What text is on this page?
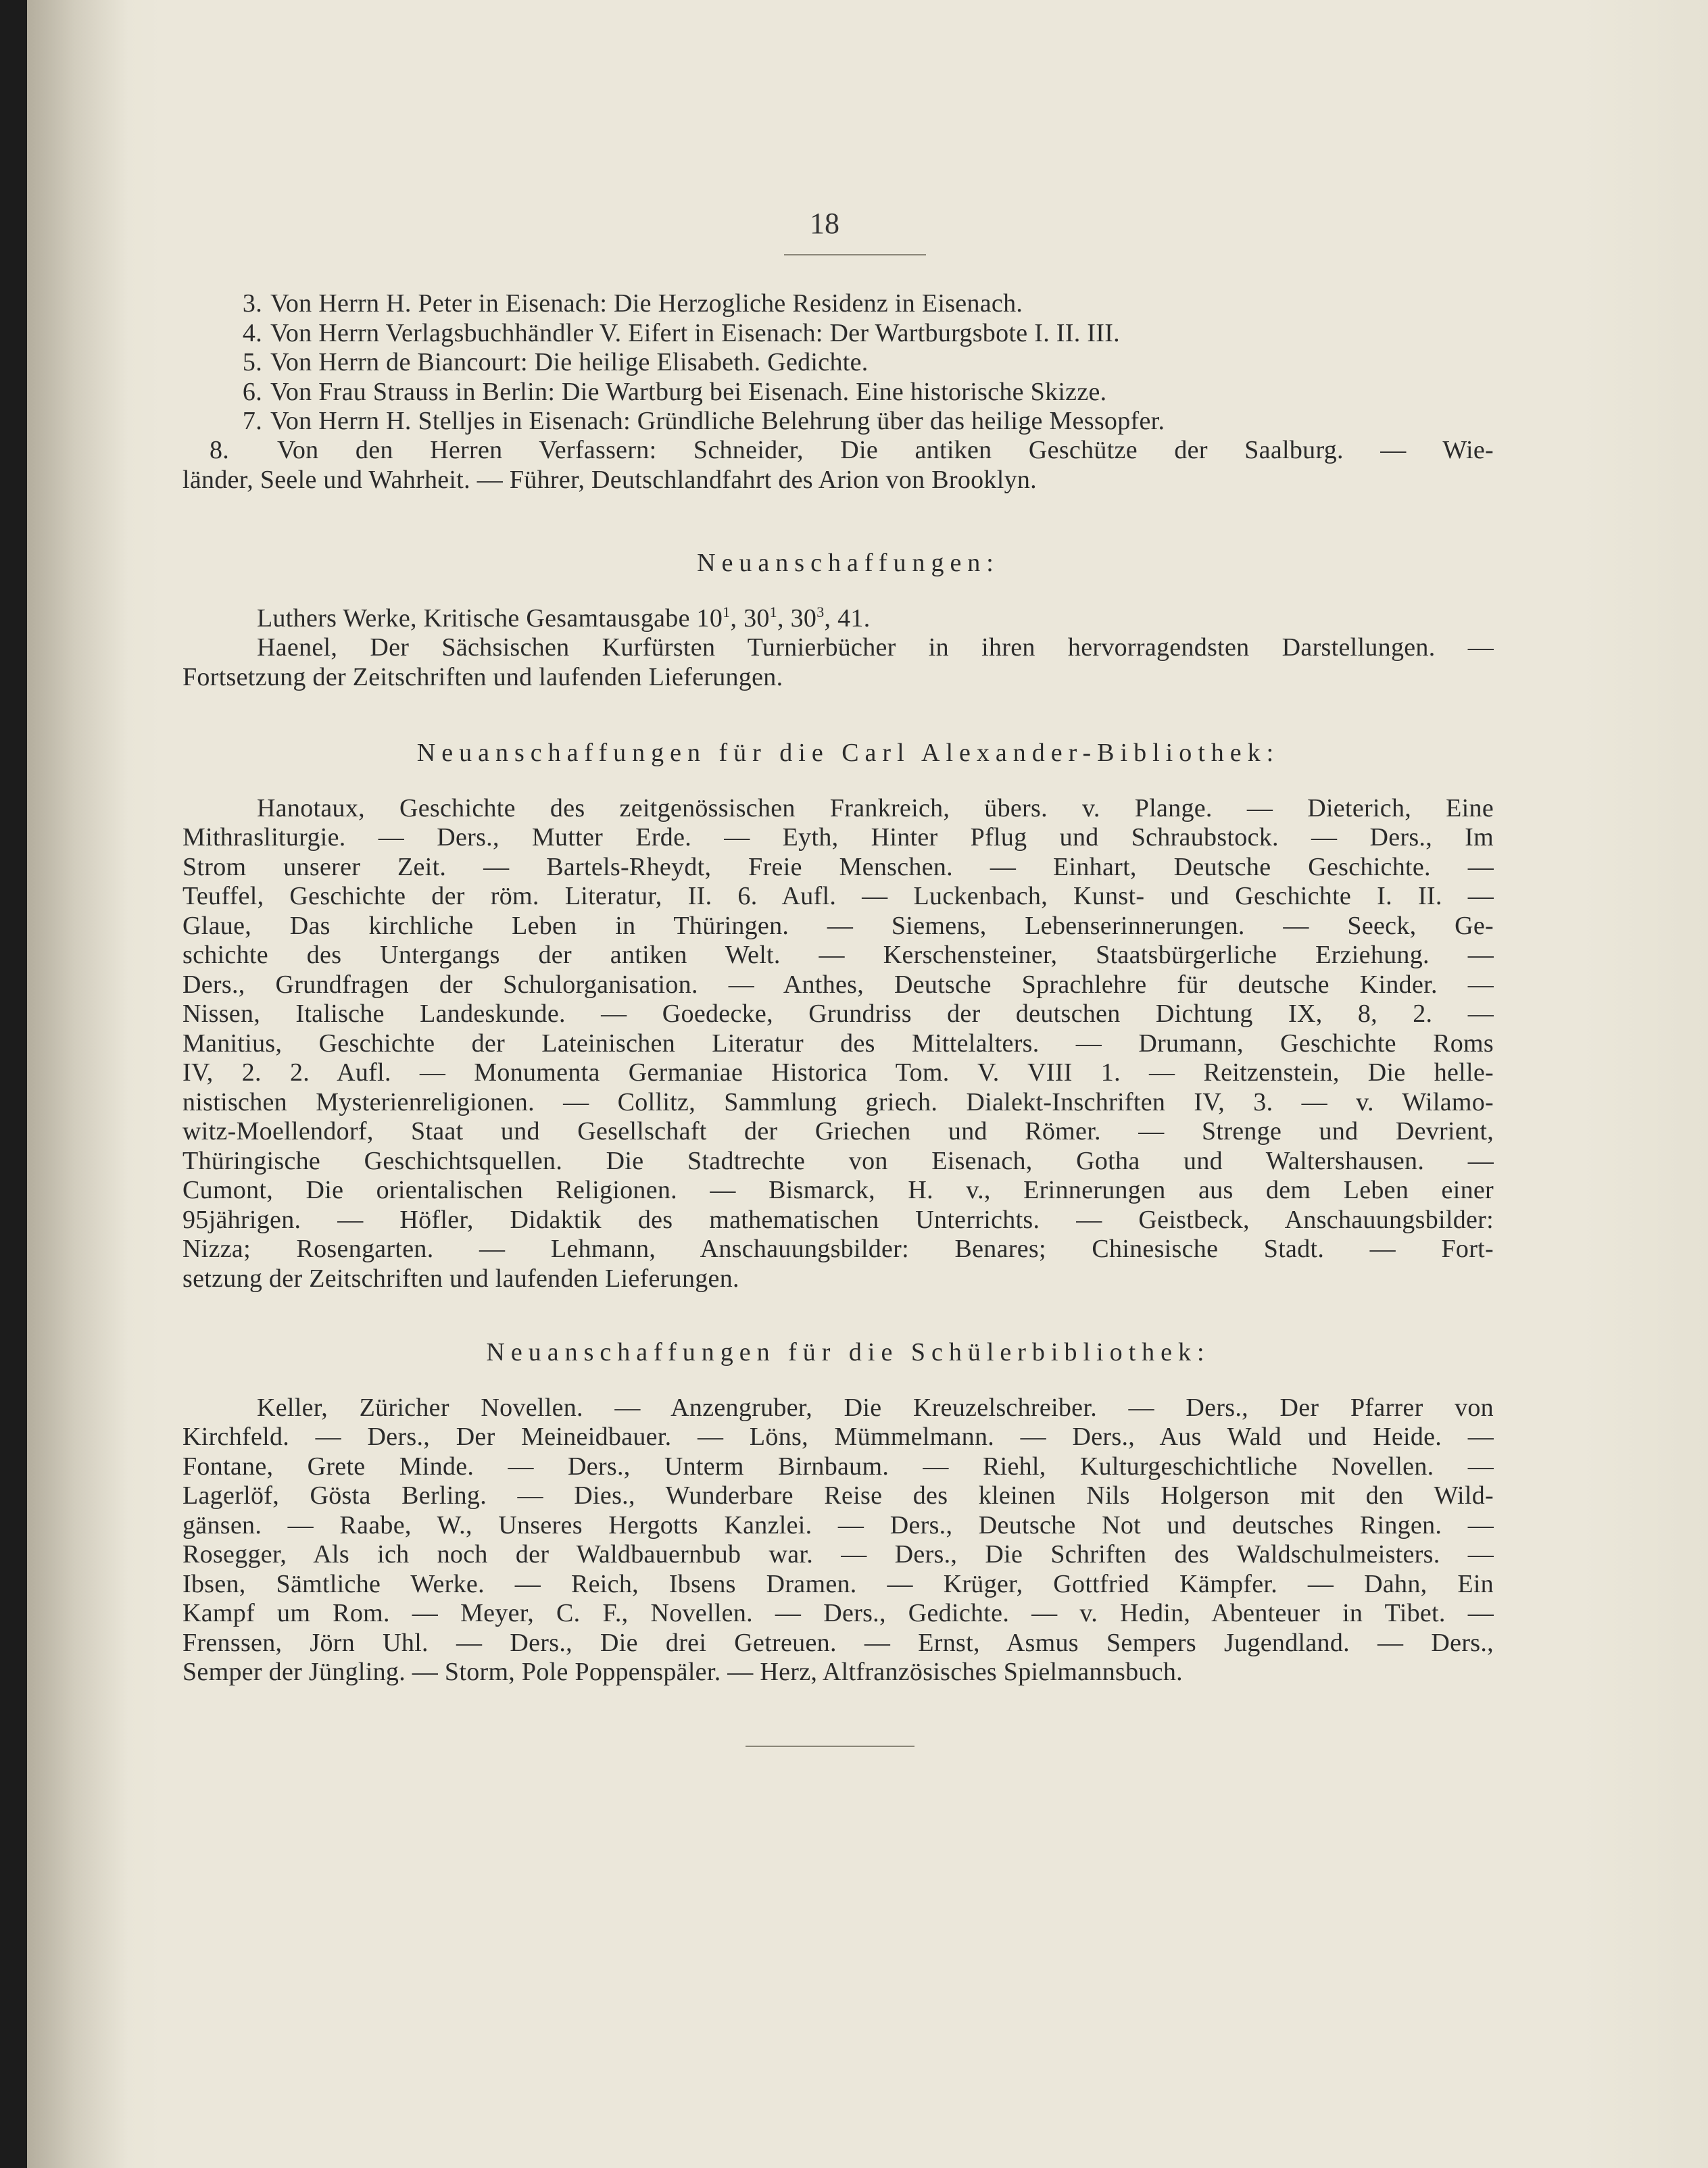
18
3. Von Herrn H. Peter in Eisenach: Die Herzogliche Residenz in Eisenach.
4. Von Herrn Verlagsbuchhändler V. Eifert in Eisenach: Der Wartburgsbote I. II. III.
5. Von Herrn de Biancourt: Die heilige Elisabeth. Gedichte.
6. Von Frau Strauss in Berlin: Die Wartburg bei Eisenach. Eine historische Skizze.
7. Von Herrn H. Stelljes in Eisenach: Gründliche Belehrung über das heilige Messopfer.
8. Von den Herren Verfassern: Schneider, Die antiken Geschütze der Saalburg. — Wie-
länder, Seele und Wahrheit. — Führer, Deutschlandfahrt des Arion von Brooklyn.

Neuanschaffungen:

Luthers Werke, Kritische Gesamtausgabe $10^1$, $30^1$, $30^3$, 41.
Haenel, Der Sächsischen Kurfürsten Turnierbücher in ihren hervorragendsten Darstellungen. —
Fortsetzung der Zeitschriften und laufenden Lieferungen.

Neuanschaffungen für die Carl Alexander-Bibliothek:

Hanotaux, Geschichte des zeitgenössischen Frankreich, übers. v. Plange. — Dieterich, Eine
Mithrasliturgie. — Ders., Mutter Erde. — Eyth, Hinter Pflug und Schraubstock. — Ders., Im
Strom unserer Zeit. — Bartels-Rheydt, Freie Menschen. — Einhart, Deutsche Geschichte. —
Teuffel, Geschichte der röm. Literatur, II. 6. Aufl. — Luckenbach, Kunst- und Geschichte I. II. —
Glaue, Das kirchliche Leben in Thüringen. — Siemens, Lebenserinnerungen. — Seeck, Ge-
schichte des Untergangs der antiken Welt. — Kerschensteiner, Staatsbürgerliche Erziehung. —
Ders., Grundfragen der Schulorganisation. — Anthes, Deutsche Sprachlehre für deutsche Kinder. —
Nissen, Italische Landeskunde. — Goedecke, Grundriss der deutschen Dichtung IX, 8, 2. —
Manitius, Geschichte der Lateinischen Literatur des Mittelalters. — Drumann, Geschichte Roms
IV, 2. 2. Aufl. — Monumenta Germaniae Historica Tom. V. VIII 1. — Reitzenstein, Die helle-
nistischen Mysterienreligionen. — Collitz, Sammlung griech. Dialekt-Inschriften IV, 3. — v. Wilamo-
witz-Moellendorf, Staat und Gesellschaft der Griechen und Römer. — Strenge und Devrient,
Thüringische Geschichtsquellen. Die Stadtrechte von Eisenach, Gotha und Waltershausen. —
Cumont, Die orientalischen Religionen. — Bismarck, H. v., Erinnerungen aus dem Leben einer
95jährigen. — Höfler, Didaktik des mathematischen Unterrichts. — Geistbeck, Anschauungsbilder:
Nizza; Rosengarten. — Lehmann, Anschauungsbilder: Benares; Chinesische Stadt. — Fort-
setzung der Zeitschriften und laufenden Lieferungen.

Neuanschaffungen für die Schülerbibliothek:

Keller, Züricher Novellen. — Anzengruber, Die Kreuzelschreiber. — Ders., Der Pfarrer von
Kirchfeld. — Ders., Der Meineidbauer. — Löns, Mümmelmann. — Ders., Aus Wald und Heide. —
Fontane, Grete Minde. — Ders., Unterm Birnbaum. — Riehl, Kulturgeschichtliche Novellen. —
Lagerlöf, Gösta Berling. — Dies., Wunderbare Reise des kleinen Nils Holgerson mit den Wild-
gänsen. — Raabe, W., Unseres Hergotts Kanzlei. — Ders., Deutsche Not und deutsches Ringen. —
Rosegger, Als ich noch der Waldbauernbub war. — Ders., Die Schriften des Waldschulmeisters. —
Ibsen, Sämtliche Werke. — Reich, Ibsens Dramen. — Krüger, Gottfried Kämpfer. — Dahn, Ein
Kampf um Rom. — Meyer, C. F., Novellen. — Ders., Gedichte. — v. Hedin, Abenteuer in Tibet. —
Frenssen, Jörn Uhl. — Ders., Die drei Getreuen. — Ernst, Asmus Sempers Jugendland. — Ders.,
Semper der Jüngling. — Storm, Pole Poppenspäler. — Herz, Altfranzösisches Spielmannsbuch.
